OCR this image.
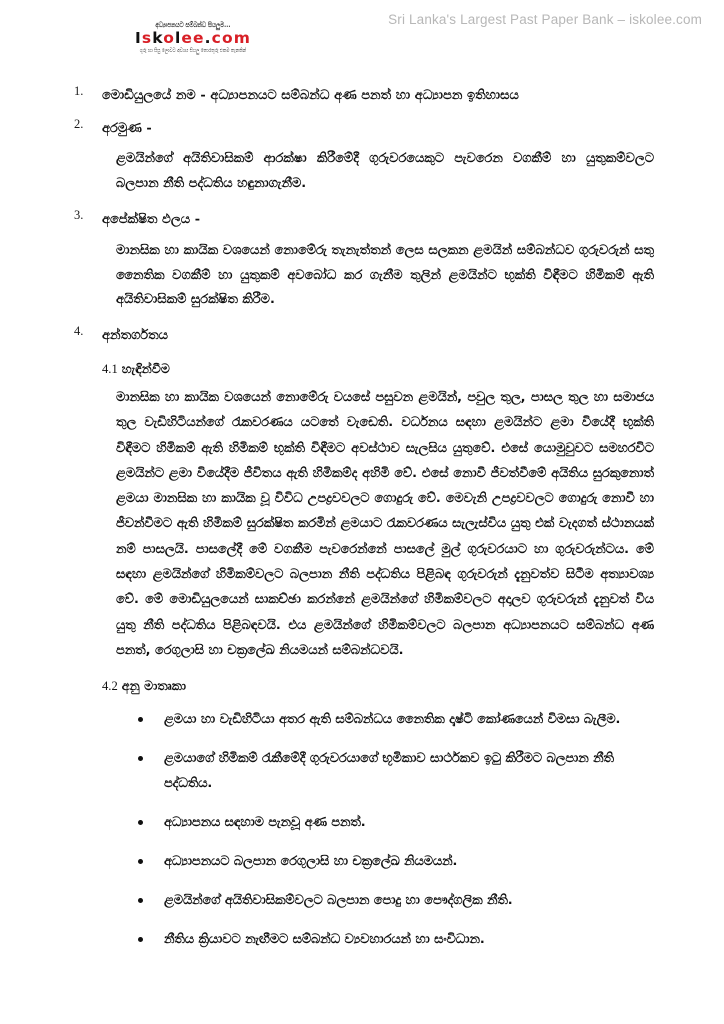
Sri Lanka's Largest Past Paper Bank – iskolee.com
අධ්‍යාපනයට සම්බන්ධ සියලුම...
Iskolee.com
ගුරු හා සිසු ලොවට අවශ්‍ය සියලු තොරතුරු එකම තැනකින්
1.	මොඩියුලයේ නම - අධ්‍යාපනයට සම්බන්ධ අණ පනත් හා අධ්‍යාපන ඉතිහාසය
2.	අරමුණ -
ළමයින්ගේ අයිතිවාසිකම් ආරක්ෂා කිරීමේදී ගුරුවරයෙකුට පැවරෙන වගකීම් හා යුතුකම්වලට බලපාන නීති පද්ධතිය හඳුනාගැනීම.
3.	අපේක්ෂිත ඵලය -
මානසික හා කායික වශයෙන් නොමේරු තැනැත්තන් ලෙස සලකන ළමයින් සම්බන්ධව ගුරුවරුන් සතු නෛතික වගකීම් හා යුතුකම් අවබෝධ කර ගැනීම තුලින් ළමයින්ට භුක්ති විඳීමට හිමිකම් ඇති අයිතිවාසිකම් සුරක්ෂිත කිරීම.
4.	අන්තර්ගතය
4.1 හැඳින්වීම
මානසික හා කායික වශයෙන් නොමේරු වයසේ පසුවන ළමයින්, පවුල තුල, පාසල තුල හා සමාජය තුල වැඩිහිටියන්ගේ රැකවරණය යටතේ වැඩෙති. වර්ධනය සඳහා ළමයින්ට ළමා වියේදී භුක්ති විඳීමට හිමිකම් ඇති හිමිකම් භුක්ති විඳීමට අවස්ථාව සැලසිය යුතුවේ. එසේ යොමුවුවට සමහරවිට ළමයින්ට ළමා වියේදීම ජීවිතය ඇති හිමිකම්ද අහිමි වේ. එසේ නොවී ජීවත්වීමේ අයිතිය සුරකුනොත් ළමයා මානසික හා කායික වූ විවිධ උපද්‍රවවලට ගොදුරු වේ. මෙවැනි උපද්‍රවවලට ගොදුරු නොවී හා ජීවන්වීමට ඇති හිමිකම් සුරක්ෂිත කරමින් ළමයාට රැකවරණය සැලැස්විය යුතු එක් වැදගත් ස්ථානයක් නම් පාසලයි. පාසලේදී මේ වගකීම පැවරෙන්නේ පාසලේ මුල් ගුරුවරයාට හා ගුරුවරුන්ටය. මේ සඳහා ළමයින්ගේ හිමිකම්වලට බලපාන නීති පද්ධතිය පිළිබඳ ගුරුවරුන් දැනුවත්ව සිටීම අත්‍යාවශ්‍ය වේ. මේ මොඩියුලයෙන් සාකච්ඡා කරන්නේ ළමයින්ගේ හිමිකම්වලට අදාලව ගුරුවරුන් දැනුවත් විය යුතු නීති පද්ධතිය පිළිබඳවයි. එය ළමයින්ගේ හිමිකම්වලට බලපාන අධ්‍යාපනයට සම්බන්ධ අණ පනත්, රෙගුලාසි හා චක්‍රලේඛ නියමයන් සම්බන්ධවයි.
4.2 අනු මාතෘකා
ළමයා හා වැඩිහිටියා අතර ඇති සම්බන්ධය නෛතික දෘෂ්ටි කෝණයෙන් විමසා බැලීම.
ළමයාගේ හිමිකම් රැකීමේදී ගුරුවරයාගේ භූමිකාව සාර්ථකව ඉටු කිරීමට බලපාන නීති පද්ධතිය.
අධ්‍යාපනය සඳහාම පැනවූ අණ පනත්.
අධ්‍යාපනයට බලපාන රෙගුලාසි හා චක්‍රලේඛ නියමයන්.
ළමයින්ගේ අයිතිවාසිකම්වලට බලපාන පොදු හා පෞද්ගලික නීති.
නීතිය ක්‍රියාවට නැඟීමට සම්බන්ධ ව්‍යවහාරයන් හා සංවිධාන.
